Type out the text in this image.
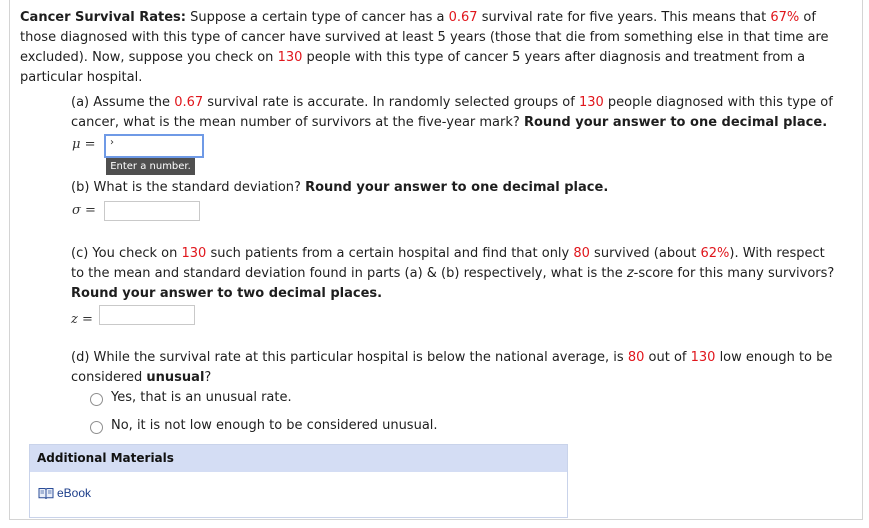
Cancer Survival Rates: Suppose a certain type of cancer has a 0.67 survival rate for five years. This means that 67% of
those diagnosed with this type of cancer have survived at least 5 years (those that die from something else in that time are
excluded). Now, suppose you check on 130 people with this type of cancer 5 years after diagnosis and treatment from a
particular hospital.
(a) Assume the 0.67 survival rate is accurate. In randomly selected groups of 130 people diagnosed with this type of
cancer, what is the mean number of survivors at the five-year mark? Round your answer to one decimal place.
μ = ›
Enter a number.
(b) What is the standard deviation? Round your answer to one decimal place.
σ =
(c) You check on 130 such patients from a certain hospital and find that only 80 survived (about 62%). With respect
to the mean and standard deviation found in parts (a) & (b) respectively, what is the z-score for this many survivors?
Round your answer to two decimal places.
z =
(d) While the survival rate at this particular hospital is below the national average, is 80 out of 130 low enough to be
considered unusual?
Yes, that is an unusual rate.
No, it is not low enough to be considered unusual.
Additional Materials
eBook
